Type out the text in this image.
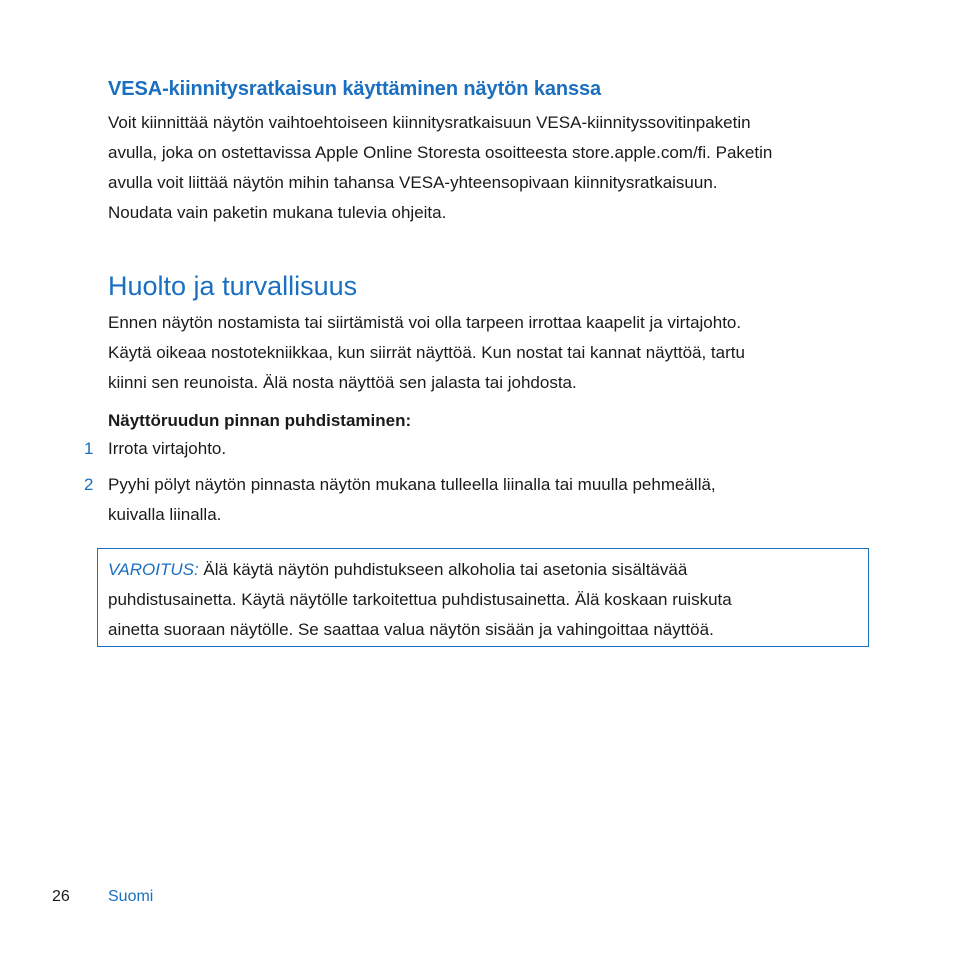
VESA-kiinnitysratkaisun käyttäminen näytön kanssa

Voit kiinnittää näytön vaihtoehtoiseen kiinnitysratkaisuun VESA-kiinnityssovitinpaketin
avulla, joka on ostettavissa Apple Online Storesta osoitteesta store.apple.com/fi. Paketin
avulla voit liittää näytön mihin tahansa VESA-yhteensopivaan kiinnitysratkaisuun.
Noudata vain paketin mukana tulevia ohjeita.

Huolto ja turvallisuus

Ennen näytön nostamista tai siirtämistä voi olla tarpeen irrottaa kaapelit ja virtajohto.
Käytä oikeaa nostotekniikkaa, kun siirrät näyttöä. Kun nostat tai kannat näyttöä, tartu
kiinni sen reunoista. Älä nosta näyttöä sen jalasta tai johdosta.

Näyttöruudun pinnan puhdistaminen:
1 Irrota virtajohto.
2 Pyyhi pölyt näytön pinnasta näytön mukana tulleella liinalla tai muulla pehmeällä,
kuivalla liinalla.
VAROITUS: Älä käytä näytön puhdistukseen alkoholia tai asetonia sisältävää
puhdistusainetta. Käytä näytölle tarkoitettua puhdistusainetta. Älä koskaan ruiskuta
ainetta suoraan näytölle. Se saattaa valua näytön sisään ja vahingoittaa näyttöä.
26 Suomi
